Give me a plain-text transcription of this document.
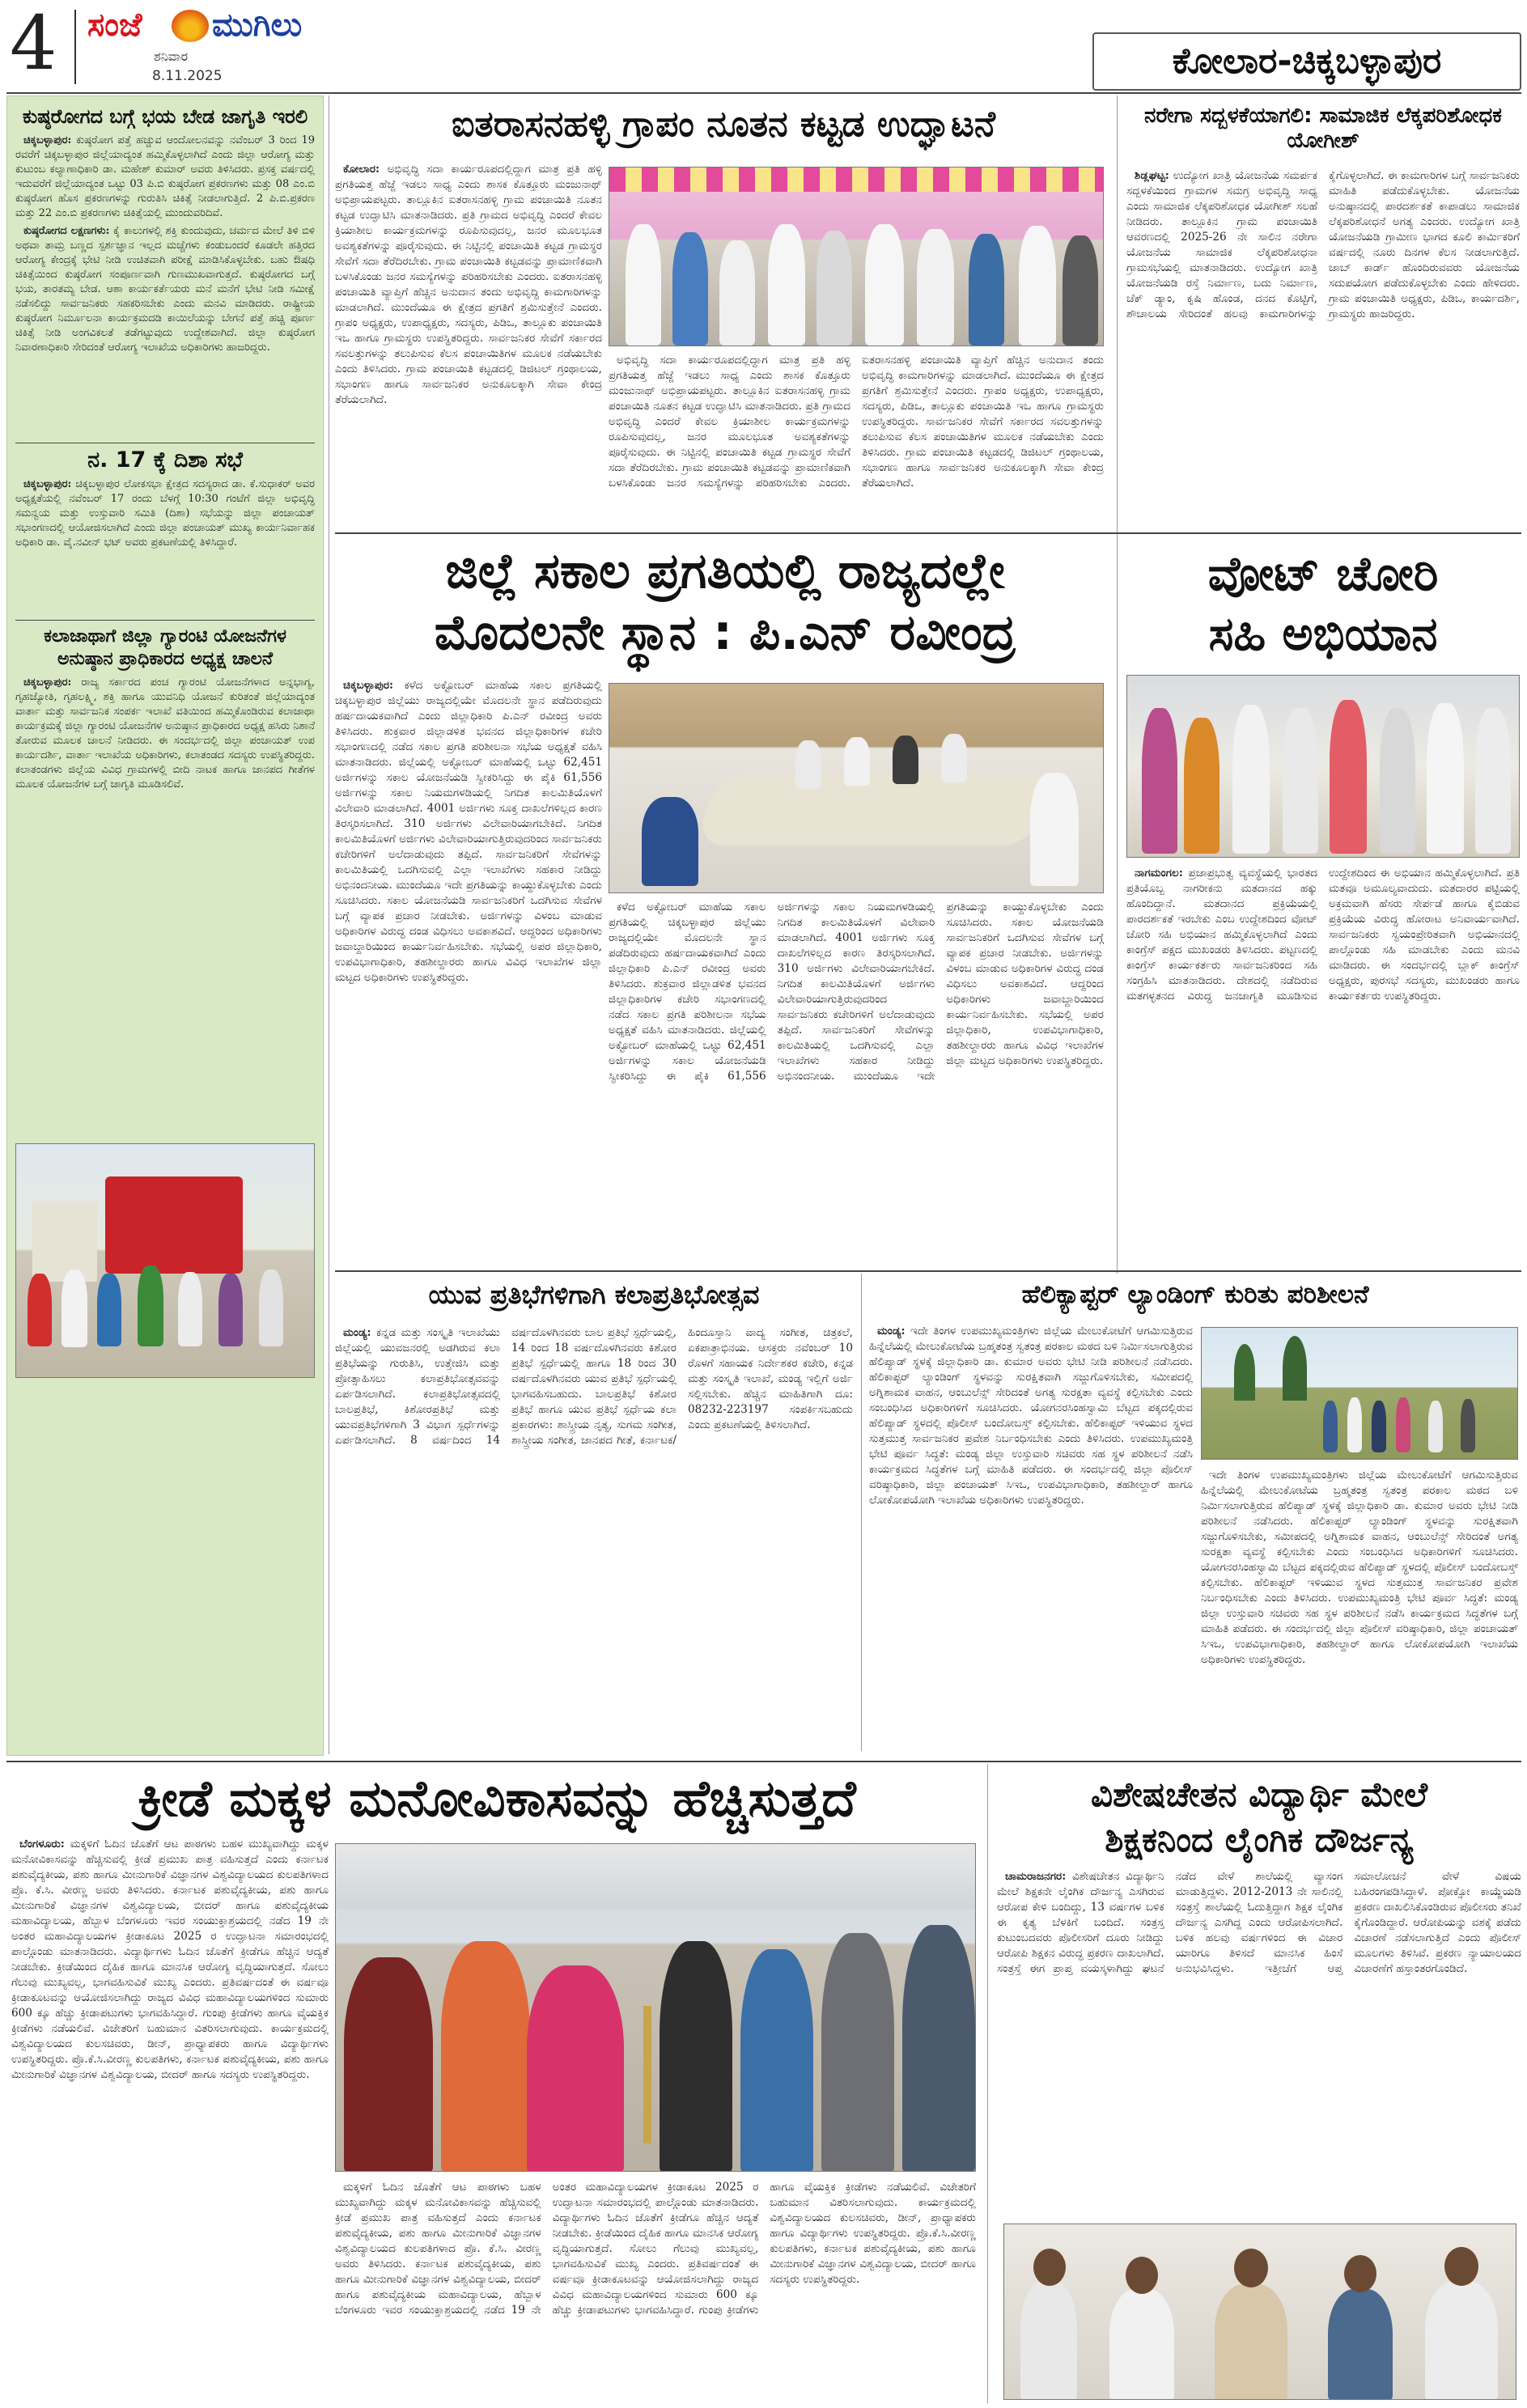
4 ಸಂಜೆ ಮುಗಿಲು
ಶನಿವಾರ
8.11.2025	ಕೋಲಾರ-ಚಿಕ್ಕಬಳ್ಳಾಪುರ
ಕುಷ್ಠರೋಗದ ಬಗ್ಗೆ ಭಯ ಬೇಡ ಜಾಗೃತಿ ಇರಲಿ

ಚಿಕ್ಕಬಳ್ಳಾಪುರ: ಕುಷ್ಠರೋಗ ಪತ್ತೆ ಹಚ್ಚುವ ಆಂದೋಲನವನ್ನು ನವೆಂಬರ್ 3 ರಿಂದ 19 ರವರೆಗೆ ಚಿಕ್ಕಬಳ್ಳಾಪುರ ಜಿಲ್ಲೆಯಾದ್ಯಂತ ಹಮ್ಮಿಕೊಳ್ಳಲಾಗಿದೆ ಎಂದು ಜಿಲ್ಲಾ ಆರೋಗ್ಯ ಮತ್ತು ಕುಟುಂಬ ಕಲ್ಯಾಣಾಧಿಕಾರಿ ಡಾ. ಮಹೇಶ್ ಕುಮಾರ್ ಅವರು ತಿಳಿಸಿದರು. ಪ್ರಸಕ್ತ ವರ್ಷದಲ್ಲಿ ಇದುವರೆಗೆ ಜಿಲ್ಲೆಯಾದ್ಯಂತ ಒಟ್ಟು 03 ಪಿ.ಬಿ ಕುಷ್ಠರೋಗ ಪ್ರಕರಣಗಳು ಮತ್ತು 08 ಎಂ.ಬಿ ಕುಷ್ಠರೋಗ ಹೊಸ ಪ್ರಕರಣಗಳನ್ನು ಗುರುತಿಸಿ ಚಿಕಿತ್ಸೆ ನೀಡಲಾಗುತ್ತಿದೆ. 2 ಪಿ.ಬಿ.ಪ್ರಕರಣ ಮತ್ತು 22 ಎಂ.ಬಿ ಪ್ರಕರಣಗಳು ಚಿಕಿತ್ಸೆಯಲ್ಲಿ ಮುಂದುವರಿದಿವೆ.

ಕುಷ್ಠರೋಗದ ಲಕ್ಷಣಗಳು: ಕೈ ಕಾಲುಗಳಲ್ಲಿ ಶಕ್ತಿ ಕುಂದುವುದು, ಚರ್ಮದ ಮೇಲೆ ತಿಳಿ ಬಿಳಿ ಅಥವಾ ತಾಮ್ರ ಬಣ್ಣದ ಸ್ಪರ್ಶಜ್ಞಾನ ಇಲ್ಲದ ಮಚ್ಚೆಗಳು ಕಂಡುಬಂದರೆ ಕೂಡಲೇ ಹತ್ತಿರದ ಆರೋಗ್ಯ ಕೇಂದ್ರಕ್ಕೆ ಭೇಟಿ ನೀಡಿ ಉಚಿತವಾಗಿ ಪರೀಕ್ಷೆ ಮಾಡಿಸಿಕೊಳ್ಳಬೇಕು. ಬಹು ಔಷಧಿ ಚಿಕಿತ್ಸೆಯಿಂದ ಕುಷ್ಠರೋಗ ಸಂಪೂರ್ಣವಾಗಿ ಗುಣಮುಖವಾಗುತ್ತದೆ. ಕುಷ್ಠರೋಗದ ಬಗ್ಗೆ ಭಯ, ತಾರತಮ್ಯ ಬೇಡ. ಆಶಾ ಕಾರ್ಯಕರ್ತೆಯರು ಮನೆ ಮನೆಗೆ ಭೇಟಿ ನೀಡಿ ಸಮೀಕ್ಷೆ ನಡೆಸಲಿದ್ದು ಸಾರ್ವಜನಿಕರು ಸಹಕರಿಸಬೇಕು ಎಂದು ಮನವಿ ಮಾಡಿದರು. ರಾಷ್ಟ್ರೀಯ ಕುಷ್ಠರೋಗ ನಿರ್ಮೂಲನಾ ಕಾರ್ಯಕ್ರಮದಡಿ ಕಾಯಿಲೆಯನ್ನು ಬೇಗನೆ ಪತ್ತೆ ಹಚ್ಚಿ ಪೂರ್ಣ ಚಿಕಿತ್ಸೆ ನೀಡಿ ಅಂಗವಿಕಲತೆ ತಡೆಗಟ್ಟುವುದು ಉದ್ದೇಶವಾಗಿದೆ. ಜಿಲ್ಲಾ ಕುಷ್ಠರೋಗ ನಿವಾರಣಾಧಿಕಾರಿ ಸೇರಿದಂತೆ ಆರೋಗ್ಯ ಇಲಾಖೆಯ ಅಧಿಕಾರಿಗಳು ಹಾಜರಿದ್ದರು.

ನ. 17 ಕ್ಕೆ ದಿಶಾ ಸಭೆ

ಚಿಕ್ಕಬಳ್ಳಾಪುರ: ಚಿಕ್ಕಬಳ್ಳಾಪುರ ಲೋಕಸಭಾ ಕ್ಷೇತ್ರದ ಸದಸ್ಯರಾದ ಡಾ. ಕೆ.ಸುಧಾಕರ್ ಅವರ ಅಧ್ಯಕ್ಷತೆಯಲ್ಲಿ ನವೆಂಬರ್ 17 ರಂದು ಬೆಳಗ್ಗೆ 10:30 ಗಂಟೆಗೆ ಜಿಲ್ಲಾ ಅಭಿವೃದ್ಧಿ ಸಮನ್ವಯ ಮತ್ತು ಉಸ್ತುವಾರಿ ಸಮಿತಿ (ದಿಶಾ) ಸಭೆಯನ್ನು ಜಿಲ್ಲಾ ಪಂಚಾಯತ್ ಸಭಾಂಗಣದಲ್ಲಿ ಆಯೋಜಿಸಲಾಗಿದೆ ಎಂದು ಜಿಲ್ಲಾ ಪಂಚಾಯತ್ ಮುಖ್ಯ ಕಾರ್ಯನಿರ್ವಾಹಕ ಅಧಿಕಾರಿ ಡಾ. ವೈ.ನವೀನ್ ಭಟ್ ಅವರು ಪ್ರಕಟಣೆಯಲ್ಲಿ ತಿಳಿಸಿದ್ದಾರೆ.

ಕಲಾಜಾಥಾಗೆ ಜಿಲ್ಲಾ ಗ್ಯಾರಂಟಿ ಯೋಜನೆಗಳ ಅನುಷ್ಠಾನ ಪ್ರಾಧಿಕಾರದ ಅಧ್ಯಕ್ಷ ಚಾಲನೆ

ಚಿಕ್ಕಬಳ್ಳಾಪುರ: ರಾಜ್ಯ ಸರ್ಕಾರದ ಪಂಚ ಗ್ಯಾರಂಟಿ ಯೋಜನೆಗಳಾದ ಅನ್ನಭಾಗ್ಯ, ಗೃಹಜ್ಯೋತಿ, ಗೃಹಲಕ್ಷ್ಮಿ, ಶಕ್ತಿ ಹಾಗೂ ಯುವನಿಧಿ ಯೋಜನೆ ಕುರಿತಂತೆ ಜಿಲ್ಲೆಯಾದ್ಯಂತ ವಾರ್ತಾ ಮತ್ತು ಸಾರ್ವಜನಿಕ ಸಂಪರ್ಕ ಇಲಾಖೆ ವತಿಯಿಂದ ಹಮ್ಮಿಕೊಂಡಿರುವ ಕಲಾಜಾಥಾ ಕಾರ್ಯಕ್ರಮಕ್ಕೆ ಜಿಲ್ಲಾ ಗ್ಯಾರಂಟಿ ಯೋಜನೆಗಳ ಅನುಷ್ಠಾನ ಪ್ರಾಧಿಕಾರದ ಅಧ್ಯಕ್ಷ ಹಸಿರು ನಿಶಾನೆ ತೋರುವ ಮೂಲಕ ಚಾಲನೆ ನೀಡಿದರು. ಈ ಸಂದರ್ಭದಲ್ಲಿ ಜಿಲ್ಲಾ ಪಂಚಾಯತ್ ಉಪ ಕಾರ್ಯದರ್ಶಿ, ವಾರ್ತಾ ಇಲಾಖೆಯ ಅಧಿಕಾರಿಗಳು, ಕಲಾತಂಡದ ಸದಸ್ಯರು ಉಪಸ್ಥಿತರಿದ್ದರು. ಕಲಾತಂಡಗಳು ಜಿಲ್ಲೆಯ ವಿವಿಧ ಗ್ರಾಮಗಳಲ್ಲಿ ಬೀದಿ ನಾಟಕ ಹಾಗೂ ಜಾನಪದ ಗೀತೆಗಳ ಮೂಲಕ ಯೋಜನೆಗಳ ಬಗ್ಗೆ ಜಾಗೃತಿ ಮೂಡಿಸಲಿವೆ.

ಐತರಾಸನಹಳ್ಳಿ ಗ್ರಾಪಂ ನೂತನ ಕಟ್ಟಡ ಉದ್ಘಾಟನೆ

ಕೋಲಾರ: ಅಭಿವೃದ್ಧಿ ಸದಾ ಕಾರ್ಯರೂಪದಲ್ಲಿದ್ದಾಗ ಮಾತ್ರ ಪ್ರತಿ ಹಳ್ಳಿ ಪ್ರಗತಿಯತ್ತ ಹೆಜ್ಜೆ ಇಡಲು ಸಾಧ್ಯ ಎಂದು ಶಾಸಕ ಕೊತ್ತೂರು ಮಂಜುನಾಥ್ ಅಭಿಪ್ರಾಯಪಟ್ಟರು. ತಾಲ್ಲೂಕಿನ ಐತರಾಸನಹಳ್ಳಿ ಗ್ರಾಮ ಪಂಚಾಯಿತಿ ನೂತನ ಕಟ್ಟಡ ಉದ್ಘಾಟಿಸಿ ಮಾತನಾಡಿದರು. ಪ್ರತಿ ಗ್ರಾಮದ ಅಭಿವೃದ್ಧಿ ಎಂದರೆ ಕೇವಲ ಕ್ರಿಯಾಶೀಲ ಕಾರ್ಯಕ್ರಮಗಳನ್ನು ರೂಪಿಸುವುದಲ್ಲ, ಜನರ ಮೂಲಭೂತ ಅವಶ್ಯಕತೆಗಳನ್ನು ಪೂರೈಸುವುದು. ಈ ನಿಟ್ಟಿನಲ್ಲಿ ಪಂಚಾಯಿತಿ ಕಟ್ಟಡ ಗ್ರಾಮಸ್ಥರ ಸೇವೆಗೆ ಸದಾ ತೆರೆದಿರಬೇಕು. ಗ್ರಾಮ ಪಂಚಾಯಿತಿ ಕಟ್ಟಡವನ್ನು ಪ್ರಾಮಾಣಿಕವಾಗಿ ಬಳಸಿಕೊಂಡು ಜನರ ಸಮಸ್ಯೆಗಳನ್ನು ಪರಿಹರಿಸಬೇಕು ಎಂದರು. ಐತರಾಸನಹಳ್ಳಿ ಪಂಚಾಯಿತಿ ವ್ಯಾಪ್ತಿಗೆ ಹೆಚ್ಚಿನ ಅನುದಾನ ತಂದು ಅಭಿವೃದ್ಧಿ ಕಾಮಗಾರಿಗಳನ್ನು ಮಾಡಲಾಗಿದೆ. ಮುಂದೆಯೂ ಈ ಕ್ಷೇತ್ರದ ಪ್ರಗತಿಗೆ ಶ್ರಮಿಸುತ್ತೇನೆ ಎಂದರು. ಗ್ರಾಪಂ ಅಧ್ಯಕ್ಷರು, ಉಪಾಧ್ಯಕ್ಷರು, ಸದಸ್ಯರು, ಪಿಡಿಒ, ತಾಲ್ಲೂಕು ಪಂಚಾಯಿತಿ ಇಒ ಹಾಗೂ ಗ್ರಾಮಸ್ಥರು ಉಪಸ್ಥಿತರಿದ್ದರು. ಸಾರ್ವಜನಿಕರ ಸೇವೆಗೆ ಸರ್ಕಾರದ ಸವಲತ್ತುಗಳನ್ನು ತಲುಪಿಸುವ ಕೆಲಸ ಪಂಚಾಯಿತಿಗಳ ಮೂಲಕ ನಡೆಯಬೇಕು ಎಂದು ತಿಳಿಸಿದರು. ಗ್ರಾಮ ಪಂಚಾಯಿತಿ ಕಟ್ಟಡದಲ್ಲಿ ಡಿಜಿಟಲ್ ಗ್ರಂಥಾಲಯ, ಸಭಾಂಗಣ ಹಾಗೂ ಸಾರ್ವಜನಿಕರ ಅನುಕೂಲಕ್ಕಾಗಿ ಸೇವಾ ಕೇಂದ್ರ ತೆರೆಯಲಾಗಿದೆ.

ಅಭಿವೃದ್ಧಿ ಸದಾ ಕಾರ್ಯರೂಪದಲ್ಲಿದ್ದಾಗ ಮಾತ್ರ ಪ್ರತಿ ಹಳ್ಳಿ ಪ್ರಗತಿಯತ್ತ ಹೆಜ್ಜೆ ಇಡಲು ಸಾಧ್ಯ ಎಂದು ಶಾಸಕ ಕೊತ್ತೂರು ಮಂಜುನಾಥ್ ಅಭಿಪ್ರಾಯಪಟ್ಟರು. ತಾಲ್ಲೂಕಿನ ಐತರಾಸನಹಳ್ಳಿ ಗ್ರಾಮ ಪಂಚಾಯಿತಿ ನೂತನ ಕಟ್ಟಡ ಉದ್ಘಾಟಿಸಿ ಮಾತನಾಡಿದರು. ಪ್ರತಿ ಗ್ರಾಮದ ಅಭಿವೃದ್ಧಿ ಎಂದರೆ ಕೇವಲ ಕ್ರಿಯಾಶೀಲ ಕಾರ್ಯಕ್ರಮಗಳನ್ನು ರೂಪಿಸುವುದಲ್ಲ, ಜನರ ಮೂಲಭೂತ ಅವಶ್ಯಕತೆಗಳನ್ನು ಪೂರೈಸುವುದು. ಈ ನಿಟ್ಟಿನಲ್ಲಿ ಪಂಚಾಯಿತಿ ಕಟ್ಟಡ ಗ್ರಾಮಸ್ಥರ ಸೇವೆಗೆ ಸದಾ ತೆರೆದಿರಬೇಕು. ಗ್ರಾಮ ಪಂಚಾಯಿತಿ ಕಟ್ಟಡವನ್ನು ಪ್ರಾಮಾಣಿಕವಾಗಿ ಬಳಸಿಕೊಂಡು ಜನರ ಸಮಸ್ಯೆಗಳನ್ನು ಪರಿಹರಿಸಬೇಕು ಎಂದರು. ಐತರಾಸನಹಳ್ಳಿ ಪಂಚಾಯಿತಿ ವ್ಯಾಪ್ತಿಗೆ ಹೆಚ್ಚಿನ ಅನುದಾನ ತಂದು ಅಭಿವೃದ್ಧಿ ಕಾಮಗಾರಿಗಳನ್ನು ಮಾಡಲಾಗಿದೆ. ಮುಂದೆಯೂ ಈ ಕ್ಷೇತ್ರದ ಪ್ರಗತಿಗೆ ಶ್ರಮಿಸುತ್ತೇನೆ ಎಂದರು. ಗ್ರಾಪಂ ಅಧ್ಯಕ್ಷರು, ಉಪಾಧ್ಯಕ್ಷರು, ಸದಸ್ಯರು, ಪಿಡಿಒ, ತಾಲ್ಲೂಕು ಪಂಚಾಯಿತಿ ಇಒ ಹಾಗೂ ಗ್ರಾಮಸ್ಥರು ಉಪಸ್ಥಿತರಿದ್ದರು. ಸಾರ್ವಜನಿಕರ ಸೇವೆಗೆ ಸರ್ಕಾರದ ಸವಲತ್ತುಗಳನ್ನು ತಲುಪಿಸುವ ಕೆಲಸ ಪಂಚಾಯಿತಿಗಳ ಮೂಲಕ ನಡೆಯಬೇಕು ಎಂದು ತಿಳಿಸಿದರು. ಗ್ರಾಮ ಪಂಚಾಯಿತಿ ಕಟ್ಟಡದಲ್ಲಿ ಡಿಜಿಟಲ್ ಗ್ರಂಥಾಲಯ, ಸಭಾಂಗಣ ಹಾಗೂ ಸಾರ್ವಜನಿಕರ ಅನುಕೂಲಕ್ಕಾಗಿ ಸೇವಾ ಕೇಂದ್ರ ತೆರೆಯಲಾಗಿದೆ.

ನರೇಗಾ ಸದ್ಬಳಕೆಯಾಗಲಿ: ಸಾಮಾಜಿಕ ಲೆಕ್ಕಪರಿಶೋಧಕ ಯೋಗೀಶ್

ಶಿಡ್ಲಘಟ್ಟ: ಉದ್ಯೋಗ ಖಾತ್ರಿ ಯೋಜನೆಯ ಸಮರ್ಪಕ ಸದ್ಬಳಕೆಯಿಂದ ಗ್ರಾಮಗಳ ಸಮಗ್ರ ಅಭಿವೃದ್ಧಿ ಸಾಧ್ಯ ಎಂದು ಸಾಮಾಜಿಕ ಲೆಕ್ಕಪರಿಶೋಧಕ ಯೋಗೀಶ್ ಸಲಹೆ ನೀಡಿದರು. ತಾಲ್ಲೂಕಿನ ಗ್ರಾಮ ಪಂಚಾಯಿತಿ ಆವರಣದಲ್ಲಿ 2025-26 ನೇ ಸಾಲಿನ ನರೇಗಾ ಯೋಜನೆಯ ಸಾಮಾಜಿಕ ಲೆಕ್ಕಪರಿಶೋಧನಾ ಗ್ರಾಮಸಭೆಯಲ್ಲಿ ಮಾತನಾಡಿದರು. ಉದ್ಯೋಗ ಖಾತ್ರಿ ಯೋಜನೆಯಡಿ ರಸ್ತೆ ನಿರ್ಮಾಣ, ಬದು ನಿರ್ಮಾಣ, ಚೆಕ್ ಡ್ಯಾಂ, ಕೃಷಿ ಹೊಂಡ, ದನದ ಕೊಟ್ಟಿಗೆ, ಶೌಚಾಲಯ ಸೇರಿದಂತೆ ಹಲವು ಕಾಮಗಾರಿಗಳನ್ನು ಕೈಗೊಳ್ಳಲಾಗಿದೆ. ಈ ಕಾಮಗಾರಿಗಳ ಬಗ್ಗೆ ಸಾರ್ವಜನಿಕರು ಮಾಹಿತಿ ಪಡೆದುಕೊಳ್ಳಬೇಕು. ಯೋಜನೆಯ ಅನುಷ್ಠಾನದಲ್ಲಿ ಪಾರದರ್ಶಕತೆ ಕಾಪಾಡಲು ಸಾಮಾಜಿಕ ಲೆಕ್ಕಪರಿಶೋಧನೆ ಅಗತ್ಯ ಎಂದರು. ಉದ್ಯೋಗ ಖಾತ್ರಿ ಯೋಜನೆಯಡಿ ಗ್ರಾಮೀಣ ಭಾಗದ ಕೂಲಿ ಕಾರ್ಮಿಕರಿಗೆ ವರ್ಷದಲ್ಲಿ ನೂರು ದಿನಗಳ ಕೆಲಸ ನೀಡಲಾಗುತ್ತಿದೆ. ಜಾಬ್ ಕಾರ್ಡ್ ಹೊಂದಿರುವವರು ಯೋಜನೆಯ ಸದುಪಯೋಗ ಪಡೆದುಕೊಳ್ಳಬೇಕು ಎಂದು ಹೇಳಿದರು. ಗ್ರಾಮ ಪಂಚಾಯಿತಿ ಅಧ್ಯಕ್ಷರು, ಪಿಡಿಒ, ಕಾರ್ಯದರ್ಶಿ, ಗ್ರಾಮಸ್ಥರು ಹಾಜರಿದ್ದರು.

ಜಿಲ್ಲೆ ಸಕಾಲ ಪ್ರಗತಿಯಲ್ಲಿ ರಾಜ್ಯದಲ್ಲೇ
ಮೊದಲನೇ ಸ್ಥಾನ : ಪಿ.ಎನ್ ರವೀಂದ್ರ

ಚಿಕ್ಕಬಳ್ಳಾಪುರ: ಕಳೆದ ಅಕ್ಟೋಬರ್ ಮಾಹೆಯ ಸಕಾಲ ಪ್ರಗತಿಯಲ್ಲಿ ಚಿಕ್ಕಬಳ್ಳಾಪುರ ಜಿಲ್ಲೆಯು ರಾಜ್ಯದಲ್ಲಿಯೇ ಮೊದಲನೇ ಸ್ಥಾನ ಪಡೆದಿರುವುದು ಹರ್ಷದಾಯಕವಾಗಿದೆ ಎಂದು ಜಿಲ್ಲಾಧಿಕಾರಿ ಪಿ.ಎನ್ ರವೀಂದ್ರ ಅವರು ತಿಳಿಸಿದರು. ಶುಕ್ರವಾರ ಜಿಲ್ಲಾಡಳಿತ ಭವನದ ಜಿಲ್ಲಾಧಿಕಾರಿಗಳ ಕಚೇರಿ ಸಭಾಂಗಣದಲ್ಲಿ ನಡೆದ ಸಕಾಲ ಪ್ರಗತಿ ಪರಿಶೀಲನಾ ಸಭೆಯ ಅಧ್ಯಕ್ಷತೆ ವಹಿಸಿ ಮಾತನಾಡಿದರು. ಜಿಲ್ಲೆಯಲ್ಲಿ ಅಕ್ಟೋಬರ್ ಮಾಹೆಯಲ್ಲಿ ಒಟ್ಟು 62,451 ಅರ್ಜಿಗಳನ್ನು ಸಕಾಲ ಯೋಜನೆಯಡಿ ಸ್ವೀಕರಿಸಿದ್ದು ಈ ಪೈಕಿ 61,556 ಅರ್ಜಿಗಳನ್ನು ಸಕಾಲ ನಿಯಮಗಳಡಿಯಲ್ಲಿ ನಿಗದಿತ ಕಾಲಮಿತಿಯೊಳಗೆ ವಿಲೇವಾರಿ ಮಾಡಲಾಗಿದೆ. 4001 ಅರ್ಜಿಗಳು ಸೂಕ್ತ ದಾಖಲೆಗಳಿಲ್ಲದ ಕಾರಣ ತಿರಸ್ಕರಿಸಲಾಗಿದೆ. 310 ಅರ್ಜಿಗಳು ವಿಲೇವಾರಿಯಾಗಬೇಕಿದೆ. ನಿಗದಿತ ಕಾಲಮಿತಿಯೊಳಗೆ ಅರ್ಜಿಗಳು ವಿಲೇವಾರಿಯಾಗುತ್ತಿರುವುದರಿಂದ ಸಾರ್ವಜನಿಕರು ಕಚೇರಿಗಳಿಗೆ ಅಲೆದಾಡುವುದು ತಪ್ಪಿದೆ. ಸಾರ್ವಜನಿಕರಿಗೆ ಸೇವೆಗಳನ್ನು ಕಾಲಮಿತಿಯಲ್ಲಿ ಒದಗಿಸುವಲ್ಲಿ ಎಲ್ಲಾ ಇಲಾಖೆಗಳು ಸಹಕಾರ ನೀಡಿದ್ದು ಅಭಿನಂದನೀಯ. ಮುಂದೆಯೂ ಇದೇ ಪ್ರಗತಿಯನ್ನು ಕಾಯ್ದುಕೊಳ್ಳಬೇಕು ಎಂದು ಸೂಚಿಸಿದರು. ಸಕಾಲ ಯೋಜನೆಯಡಿ ಸಾರ್ವಜನಿಕರಿಗೆ ಒದಗಿಸುವ ಸೇವೆಗಳ ಬಗ್ಗೆ ವ್ಯಾಪಕ ಪ್ರಚಾರ ನೀಡಬೇಕು. ಅರ್ಜಿಗಳನ್ನು ವಿಳಂಬ ಮಾಡುವ ಅಧಿಕಾರಿಗಳ ವಿರುದ್ಧ ದಂಡ ವಿಧಿಸಲು ಅವಕಾಶವಿದೆ. ಆದ್ದರಿಂದ ಅಧಿಕಾರಿಗಳು ಜವಾಬ್ದಾರಿಯಿಂದ ಕಾರ್ಯನಿರ್ವಹಿಸಬೇಕು. ಸಭೆಯಲ್ಲಿ ಅಪರ ಜಿಲ್ಲಾಧಿಕಾರಿ, ಉಪವಿಭಾಗಾಧಿಕಾರಿ, ತಹಶೀಲ್ದಾರರು ಹಾಗೂ ವಿವಿಧ ಇಲಾಖೆಗಳ ಜಿಲ್ಲಾ ಮಟ್ಟದ ಅಧಿಕಾರಿಗಳು ಉಪಸ್ಥಿತರಿದ್ದರು.

ಕಳೆದ ಅಕ್ಟೋಬರ್ ಮಾಹೆಯ ಸಕಾಲ ಪ್ರಗತಿಯಲ್ಲಿ ಚಿಕ್ಕಬಳ್ಳಾಪುರ ಜಿಲ್ಲೆಯು ರಾಜ್ಯದಲ್ಲಿಯೇ ಮೊದಲನೇ ಸ್ಥಾನ ಪಡೆದಿರುವುದು ಹರ್ಷದಾಯಕವಾಗಿದೆ ಎಂದು ಜಿಲ್ಲಾಧಿಕಾರಿ ಪಿ.ಎನ್ ರವೀಂದ್ರ ಅವರು ತಿಳಿಸಿದರು. ಶುಕ್ರವಾರ ಜಿಲ್ಲಾಡಳಿತ ಭವನದ ಜಿಲ್ಲಾಧಿಕಾರಿಗಳ ಕಚೇರಿ ಸಭಾಂಗಣದಲ್ಲಿ ನಡೆದ ಸಕಾಲ ಪ್ರಗತಿ ಪರಿಶೀಲನಾ ಸಭೆಯ ಅಧ್ಯಕ್ಷತೆ ವಹಿಸಿ ಮಾತನಾಡಿದರು. ಜಿಲ್ಲೆಯಲ್ಲಿ ಅಕ್ಟೋಬರ್ ಮಾಹೆಯಲ್ಲಿ ಒಟ್ಟು 62,451 ಅರ್ಜಿಗಳನ್ನು ಸಕಾಲ ಯೋಜನೆಯಡಿ ಸ್ವೀಕರಿಸಿದ್ದು ಈ ಪೈಕಿ 61,556 ಅರ್ಜಿಗಳನ್ನು ಸಕಾಲ ನಿಯಮಗಳಡಿಯಲ್ಲಿ ನಿಗದಿತ ಕಾಲಮಿತಿಯೊಳಗೆ ವಿಲೇವಾರಿ ಮಾಡಲಾಗಿದೆ. 4001 ಅರ್ಜಿಗಳು ಸೂಕ್ತ ದಾಖಲೆಗಳಿಲ್ಲದ ಕಾರಣ ತಿರಸ್ಕರಿಸಲಾಗಿದೆ. 310 ಅರ್ಜಿಗಳು ವಿಲೇವಾರಿಯಾಗಬೇಕಿದೆ. ನಿಗದಿತ ಕಾಲಮಿತಿಯೊಳಗೆ ಅರ್ಜಿಗಳು ವಿಲೇವಾರಿಯಾಗುತ್ತಿರುವುದರಿಂದ ಸಾರ್ವಜನಿಕರು ಕಚೇರಿಗಳಿಗೆ ಅಲೆದಾಡುವುದು ತಪ್ಪಿದೆ. ಸಾರ್ವಜನಿಕರಿಗೆ ಸೇವೆಗಳನ್ನು ಕಾಲಮಿತಿಯಲ್ಲಿ ಒದಗಿಸುವಲ್ಲಿ ಎಲ್ಲಾ ಇಲಾಖೆಗಳು ಸಹಕಾರ ನೀಡಿದ್ದು ಅಭಿನಂದನೀಯ. ಮುಂದೆಯೂ ಇದೇ ಪ್ರಗತಿಯನ್ನು ಕಾಯ್ದುಕೊಳ್ಳಬೇಕು ಎಂದು ಸೂಚಿಸಿದರು. ಸಕಾಲ ಯೋಜನೆಯಡಿ ಸಾರ್ವಜನಿಕರಿಗೆ ಒದಗಿಸುವ ಸೇವೆಗಳ ಬಗ್ಗೆ ವ್ಯಾಪಕ ಪ್ರಚಾರ ನೀಡಬೇಕು. ಅರ್ಜಿಗಳನ್ನು ವಿಳಂಬ ಮಾಡುವ ಅಧಿಕಾರಿಗಳ ವಿರುದ್ಧ ದಂಡ ವಿಧಿಸಲು ಅವಕಾಶವಿದೆ. ಆದ್ದರಿಂದ ಅಧಿಕಾರಿಗಳು ಜವಾಬ್ದಾರಿಯಿಂದ ಕಾರ್ಯನಿರ್ವಹಿಸಬೇಕು. ಸಭೆಯಲ್ಲಿ ಅಪರ ಜಿಲ್ಲಾಧಿಕಾರಿ, ಉಪವಿಭಾಗಾಧಿಕಾರಿ, ತಹಶೀಲ್ದಾರರು ಹಾಗೂ ವಿವಿಧ ಇಲಾಖೆಗಳ ಜಿಲ್ಲಾ ಮಟ್ಟದ ಅಧಿಕಾರಿಗಳು ಉಪಸ್ಥಿತರಿದ್ದರು.

ವೋಟ್ ಚೋರಿ
ಸಹಿ ಅಭಿಯಾನ

ನಾಗಮಂಗಲ: ಪ್ರಜಾಪ್ರಭುತ್ವ ವ್ಯವಸ್ಥೆಯಲ್ಲಿ ಭಾರತದ ಪ್ರತಿಯೊಬ್ಬ ನಾಗರೀಕನು ಮತದಾನದ ಹಕ್ಕು ಹೊಂದಿದ್ದಾನೆ. ಮತದಾನದ ಪ್ರಕ್ರಿಯೆಯಲ್ಲಿ ಪಾರದರ್ಶಕತೆ ಇರಬೇಕು ಎಂಬ ಉದ್ದೇಶದಿಂದ ವೋಟ್ ಚೋರಿ ಸಹಿ ಅಭಿಯಾನ ಹಮ್ಮಿಕೊಳ್ಳಲಾಗಿದೆ ಎಂದು ಕಾಂಗ್ರೆಸ್ ಪಕ್ಷದ ಮುಖಂಡರು ತಿಳಿಸಿದರು. ಪಟ್ಟಣದಲ್ಲಿ ಕಾಂಗ್ರೆಸ್ ಕಾರ್ಯಕರ್ತರು ಸಾರ್ವಜನಿಕರಿಂದ ಸಹಿ ಸಂಗ್ರಹಿಸಿ ಮಾತನಾಡಿದರು. ದೇಶದಲ್ಲಿ ನಡೆದಿರುವ ಮತಗಳ್ಳತನದ ವಿರುದ್ಧ ಜನಜಾಗೃತಿ ಮೂಡಿಸುವ ಉದ್ದೇಶದಿಂದ ಈ ಅಭಿಯಾನ ಹಮ್ಮಿಕೊಳ್ಳಲಾಗಿದೆ. ಪ್ರತಿ ಮತವೂ ಅಮೂಲ್ಯವಾದುದು. ಮತದಾರರ ಪಟ್ಟಿಯಲ್ಲಿ ಅಕ್ರಮವಾಗಿ ಹೆಸರು ಸೇರ್ಪಡೆ ಹಾಗೂ ಕೈಬಿಡುವ ಪ್ರಕ್ರಿಯೆಯ ವಿರುದ್ಧ ಹೋರಾಟ ಅನಿವಾರ್ಯವಾಗಿದೆ. ಸಾರ್ವಜನಿಕರು ಸ್ವಯಂಪ್ರೇರಿತವಾಗಿ ಅಭಿಯಾನದಲ್ಲಿ ಪಾಲ್ಗೊಂಡು ಸಹಿ ಮಾಡಬೇಕು ಎಂದು ಮನವಿ ಮಾಡಿದರು. ಈ ಸಂದರ್ಭದಲ್ಲಿ ಬ್ಲಾಕ್ ಕಾಂಗ್ರೆಸ್ ಅಧ್ಯಕ್ಷರು, ಪುರಸಭೆ ಸದಸ್ಯರು, ಮುಖಂಡರು ಹಾಗೂ ಕಾರ್ಯಕರ್ತರು ಉಪಸ್ಥಿತರಿದ್ದರು.

ಯುವ ಪ್ರತಿಭೆಗಳಿಗಾಗಿ ಕಲಾಪ್ರತಿಭೋತ್ಸವ

ಮಂಡ್ಯ: ಕನ್ನಡ ಮತ್ತು ಸಂಸ್ಕೃತಿ ಇಲಾಖೆಯು ಜಿಲ್ಲೆಯಲ್ಲಿ ಯುವಜನರಲ್ಲಿ ಅಡಗಿರುವ ಕಲಾ ಪ್ರತಿಭೆಯನ್ನು ಗುರುತಿಸಿ, ಉತ್ತೇಜಿಸಿ ಮತ್ತು ಪ್ರೋತ್ಸಾಹಿಸಲು ಕಲಾಪ್ರತಿಭೋತ್ಸವವನ್ನು ಏರ್ಪಡಿಸಲಾಗಿದೆ. ಕಲಾಪ್ರತಿಭೋತ್ಸವದಲ್ಲಿ ಬಾಲಪ್ರತಿಭೆ, ಕಿಶೋರಪ್ರತಿಭೆ ಮತ್ತು ಯುವಪ್ರತಿಭೆಗಳಿಗಾಗಿ 3 ವಿಭಾಗ ಸ್ಪರ್ಧೆಗಳನ್ನು ಏರ್ಪಡಿಸಲಾಗಿದೆ. 8 ವರ್ಷದಿಂದ 14 ವರ್ಷದೊಳಗಿನವರು ಬಾಲ ಪ್ರತಿಭೆ ಸ್ಪರ್ಧೆಯಲ್ಲಿ, 14 ರಿಂದ 18 ವರ್ಷದೊಳಗಿನವರು ಕಿಶೋರ ಪ್ರತಿಭೆ ಸ್ಪರ್ಧೆಯಲ್ಲಿ ಹಾಗೂ 18 ರಿಂದ 30 ವರ್ಷದೊಳಗಿನವರು ಯುವ ಪ್ರತಿಭೆ ಸ್ಪರ್ಧೆಯಲ್ಲಿ ಭಾಗವಹಿಸಬಹುದು. ಬಾಲಪ್ರತಿಭೆ ಕಿಶೋರ ಪ್ರತಿಭೆ ಹಾಗೂ ಯುವ ಪ್ರತಿಭೆ ಸ್ಪರ್ಧೆಯ ಕಲಾ ಪ್ರಕಾರಗಳು: ಶಾಸ್ತ್ರೀಯ ನೃತ್ಯ, ಸುಗಮ ಸಂಗೀತ, ಶಾಸ್ತ್ರೀಯ ಸಂಗೀತ, ಜಾನಪದ ಗೀತೆ, ಕರ್ನಾಟಕ/ಹಿಂದೂಸ್ತಾನಿ ವಾದ್ಯ ಸಂಗೀತ, ಚಿತ್ರಕಲೆ, ಏಕಪಾತ್ರಾಭಿನಯ. ಆಸಕ್ತರು ನವೆಂಬರ್ 10 ರೊಳಗೆ ಸಹಾಯಕ ನಿರ್ದೇಶಕರ ಕಚೇರಿ, ಕನ್ನಡ ಮತ್ತು ಸಂಸ್ಕೃತಿ ಇಲಾಖೆ, ಮಂಡ್ಯ ಇಲ್ಲಿಗೆ ಅರ್ಜಿ ಸಲ್ಲಿಸಬೇಕು. ಹೆಚ್ಚಿನ ಮಾಹಿತಿಗಾಗಿ ದೂ: 08232-223197 ಸಂಪರ್ಕಿಸಬಹುದು ಎಂದು ಪ್ರಕಟಣೆಯಲ್ಲಿ ತಿಳಿಸಲಾಗಿದೆ.

ಹೆಲಿಕ್ಯಾಪ್ಟರ್ ಲ್ಯಾಂಡಿಂಗ್ ಕುರಿತು ಪರಿಶೀಲನೆ

ಮಂಡ್ಯ: ಇದೇ ತಿಂಗಳ ಉಪಮುಖ್ಯಮಂತ್ರಿಗಳು ಜಿಲ್ಲೆಯ ಮೇಲುಕೋಟೆಗೆ ಆಗಮಿಸುತ್ತಿರುವ ಹಿನ್ನೆಲೆಯಲ್ಲಿ ಮೇಲುಕೋಟೆಯ ಬ್ರಹ್ಮತಂತ್ರ ಸ್ವತಂತ್ರ ಪರಕಾಲ ಮಠದ ಬಳಿ ನಿರ್ಮಿಸಲಾಗುತ್ತಿರುವ ಹೆಲಿಪ್ಯಾಡ್ ಸ್ಥಳಕ್ಕೆ ಜಿಲ್ಲಾಧಿಕಾರಿ ಡಾ. ಕುಮಾರ ಅವರು ಭೇಟಿ ನೀಡಿ ಪರಿಶೀಲನೆ ನಡೆಸಿದರು. ಹೆಲಿಕಾಪ್ಟರ್ ಲ್ಯಾಂಡಿಂಗ್ ಸ್ಥಳವನ್ನು ಸುರಕ್ಷಿತವಾಗಿ ಸಜ್ಜುಗೊಳಿಸಬೇಕು, ಸಮೀಪದಲ್ಲಿ ಅಗ್ನಿಶಾಮಕ ವಾಹನ, ಆಂಬುಲೆನ್ಸ್ ಸೇರಿದಂತೆ ಅಗತ್ಯ ಸುರಕ್ಷತಾ ವ್ಯವಸ್ಥೆ ಕಲ್ಪಿಸಬೇಕು ಎಂದು ಸಂಬಂಧಿಸಿದ ಅಧಿಕಾರಿಗಳಿಗೆ ಸೂಚಿಸಿದರು. ಯೋಗನರಸಿಂಹಸ್ವಾಮಿ ಬೆಟ್ಟದ ಪಕ್ಕದಲ್ಲಿರುವ ಹೆಲಿಪ್ಯಾಡ್ ಸ್ಥಳದಲ್ಲಿ ಪೊಲೀಸ್ ಬಂದೋಬಸ್ತ್ ಕಲ್ಪಿಸಬೇಕು. ಹೆಲಿಕಾಪ್ಟರ್ ಇಳಿಯುವ ಸ್ಥಳದ ಸುತ್ತಮುತ್ತ ಸಾರ್ವಜನಿಕರ ಪ್ರವೇಶ ನಿರ್ಬಂಧಿಸಬೇಕು ಎಂದು ತಿಳಿಸಿದರು. ಉಪಮುಖ್ಯಮಂತ್ರಿ ಭೇಟಿ ಪೂರ್ವ ಸಿದ್ಧತೆ: ಮಂಡ್ಯ ಜಿಲ್ಲಾ ಉಸ್ತುವಾರಿ ಸಚಿವರು ಸಹ ಸ್ಥಳ ಪರಿಶೀಲನೆ ನಡೆಸಿ ಕಾರ್ಯಕ್ರಮದ ಸಿದ್ಧತೆಗಳ ಬಗ್ಗೆ ಮಾಹಿತಿ ಪಡೆದರು. ಈ ಸಂದರ್ಭದಲ್ಲಿ ಜಿಲ್ಲಾ ಪೊಲೀಸ್ ವರಿಷ್ಠಾಧಿಕಾರಿ, ಜಿಲ್ಲಾ ಪಂಚಾಯತ್ ಸಿಇಒ, ಉಪವಿಭಾಗಾಧಿಕಾರಿ, ತಹಶೀಲ್ದಾರ್ ಹಾಗೂ ಲೋಕೋಪಯೋಗಿ ಇಲಾಖೆಯ ಅಧಿಕಾರಿಗಳು ಉಪಸ್ಥಿತರಿದ್ದರು.

ಇದೇ ತಿಂಗಳ ಉಪಮುಖ್ಯಮಂತ್ರಿಗಳು ಜಿಲ್ಲೆಯ ಮೇಲುಕೋಟೆಗೆ ಆಗಮಿಸುತ್ತಿರುವ ಹಿನ್ನೆಲೆಯಲ್ಲಿ ಮೇಲುಕೋಟೆಯ ಬ್ರಹ್ಮತಂತ್ರ ಸ್ವತಂತ್ರ ಪರಕಾಲ ಮಠದ ಬಳಿ ನಿರ್ಮಿಸಲಾಗುತ್ತಿರುವ ಹೆಲಿಪ್ಯಾಡ್ ಸ್ಥಳಕ್ಕೆ ಜಿಲ್ಲಾಧಿಕಾರಿ ಡಾ. ಕುಮಾರ ಅವರು ಭೇಟಿ ನೀಡಿ ಪರಿಶೀಲನೆ ನಡೆಸಿದರು. ಹೆಲಿಕಾಪ್ಟರ್ ಲ್ಯಾಂಡಿಂಗ್ ಸ್ಥಳವನ್ನು ಸುರಕ್ಷಿತವಾಗಿ ಸಜ್ಜುಗೊಳಿಸಬೇಕು, ಸಮೀಪದಲ್ಲಿ ಅಗ್ನಿಶಾಮಕ ವಾಹನ, ಆಂಬುಲೆನ್ಸ್ ಸೇರಿದಂತೆ ಅಗತ್ಯ ಸುರಕ್ಷತಾ ವ್ಯವಸ್ಥೆ ಕಲ್ಪಿಸಬೇಕು ಎಂದು ಸಂಬಂಧಿಸಿದ ಅಧಿಕಾರಿಗಳಿಗೆ ಸೂಚಿಸಿದರು. ಯೋಗನರಸಿಂಹಸ್ವಾಮಿ ಬೆಟ್ಟದ ಪಕ್ಕದಲ್ಲಿರುವ ಹೆಲಿಪ್ಯಾಡ್ ಸ್ಥಳದಲ್ಲಿ ಪೊಲೀಸ್ ಬಂದೋಬಸ್ತ್ ಕಲ್ಪಿಸಬೇಕು. ಹೆಲಿಕಾಪ್ಟರ್ ಇಳಿಯುವ ಸ್ಥಳದ ಸುತ್ತಮುತ್ತ ಸಾರ್ವಜನಿಕರ ಪ್ರವೇಶ ನಿರ್ಬಂಧಿಸಬೇಕು ಎಂದು ತಿಳಿಸಿದರು. ಉಪಮುಖ್ಯಮಂತ್ರಿ ಭೇಟಿ ಪೂರ್ವ ಸಿದ್ಧತೆ: ಮಂಡ್ಯ ಜಿಲ್ಲಾ ಉಸ್ತುವಾರಿ ಸಚಿವರು ಸಹ ಸ್ಥಳ ಪರಿಶೀಲನೆ ನಡೆಸಿ ಕಾರ್ಯಕ್ರಮದ ಸಿದ್ಧತೆಗಳ ಬಗ್ಗೆ ಮಾಹಿತಿ ಪಡೆದರು. ಈ ಸಂದರ್ಭದಲ್ಲಿ ಜಿಲ್ಲಾ ಪೊಲೀಸ್ ವರಿಷ್ಠಾಧಿಕಾರಿ, ಜಿಲ್ಲಾ ಪಂಚಾಯತ್ ಸಿಇಒ, ಉಪವಿಭಾಗಾಧಿಕಾರಿ, ತಹಶೀಲ್ದಾರ್ ಹಾಗೂ ಲೋಕೋಪಯೋಗಿ ಇಲಾಖೆಯ ಅಧಿಕಾರಿಗಳು ಉಪಸ್ಥಿತರಿದ್ದರು.

ಕ್ರೀಡೆ ಮಕ್ಕಳ ಮನೋವಿಕಾಸವನ್ನು ಹೆಚ್ಚಿಸುತ್ತದೆ

ಬೆಂಗಳೂರು: ಮಕ್ಕಳಿಗೆ ಓದಿನ ಜೊತೆಗೆ ಆಟ ಪಾಠಗಳು ಬಹಳ ಮುಖ್ಯವಾಗಿದ್ದು ಮಕ್ಕಳ ಮನೋವಿಕಾಸವನ್ನು ಹೆಚ್ಚಿಸುವಲ್ಲಿ ಕ್ರೀಡೆ ಪ್ರಮುಖ ಪಾತ್ರ ವಹಿಸುತ್ತದೆ ಎಂದು ಕರ್ನಾಟಕ ಪಶುವೈದ್ಯಕೀಯ, ಪಶು ಹಾಗೂ ಮೀನುಗಾರಿಕೆ ವಿಜ್ಞಾನಗಳ ವಿಶ್ವವಿದ್ಯಾಲಯದ ಕುಲಪತಿಗಳಾದ ಪ್ರೊ. ಕೆ.ಸಿ. ವೀರಣ್ಣ ಅವರು ತಿಳಿಸಿದರು. ಕರ್ನಾಟಕ ಪಶುವೈದ್ಯಕೀಯ, ಪಶು ಹಾಗೂ ಮೀನುಗಾರಿಕೆ ವಿಜ್ಞಾನಗಳ ವಿಶ್ವವಿದ್ಯಾಲಯ, ಬೀದರ್ ಹಾಗೂ ಪಶುವೈದ್ಯಕೀಯ ಮಹಾವಿದ್ಯಾಲಯ, ಹೆಬ್ಬಾಳ ಬೆಂಗಳೂರು ಇವರ ಸಂಯುಕ್ತಾಶ್ರಯದಲ್ಲಿ ನಡೆದ 19 ನೇ ಅಂತರ ಮಹಾವಿದ್ಯಾಲಯಗಳ ಕ್ರೀಡಾಕೂಟ 2025 ರ ಉದ್ಘಾಟನಾ ಸಮಾರಂಭದಲ್ಲಿ ಪಾಲ್ಗೊಂಡು ಮಾತನಾಡಿದರು. ವಿದ್ಯಾರ್ಥಿಗಳು ಓದಿನ ಜೊತೆಗೆ ಕ್ರೀಡೆಗೂ ಹೆಚ್ಚಿನ ಆದ್ಯತೆ ನೀಡಬೇಕು. ಕ್ರೀಡೆಯಿಂದ ದೈಹಿಕ ಹಾಗೂ ಮಾನಸಿಕ ಆರೋಗ್ಯ ವೃದ್ಧಿಯಾಗುತ್ತದೆ. ಸೋಲು ಗೆಲುವು ಮುಖ್ಯವಲ್ಲ, ಭಾಗವಹಿಸುವಿಕೆ ಮುಖ್ಯ ಎಂದರು. ಪ್ರತಿವರ್ಷದಂತೆ ಈ ವರ್ಷವೂ ಕ್ರೀಡಾಕೂಟವನ್ನು ಆಯೋಜಿಸಲಾಗಿದ್ದು ರಾಜ್ಯದ ವಿವಿಧ ಮಹಾವಿದ್ಯಾಲಯಗಳಿಂದ ಸುಮಾರು 600 ಕ್ಕೂ ಹೆಚ್ಚು ಕ್ರೀಡಾಪಟುಗಳು ಭಾಗವಹಿಸಿದ್ದಾರೆ. ಗುಂಪು ಕ್ರೀಡೆಗಳು ಹಾಗೂ ವೈಯಕ್ತಿಕ ಕ್ರೀಡೆಗಳು ನಡೆಯಲಿವೆ. ವಿಜೇತರಿಗೆ ಬಹುಮಾನ ವಿತರಿಸಲಾಗುವುದು. ಕಾರ್ಯಕ್ರಮದಲ್ಲಿ ವಿಶ್ವವಿದ್ಯಾಲಯದ ಕುಲಸಚಿವರು, ಡೀನ್, ಪ್ರಾಧ್ಯಾಪಕರು ಹಾಗೂ ವಿದ್ಯಾರ್ಥಿಗಳು ಉಪಸ್ಥಿತರಿದ್ದರು. ಪ್ರೊ.ಕೆ.ಸಿ.ವೀರಣ್ಣ ಕುಲಪತಿಗಳು, ಕರ್ನಾಟಕ ಪಶುವೈದ್ಯಕೀಯ, ಪಶು ಹಾಗೂ ಮೀನುಗಾರಿಕೆ ವಿಜ್ಞಾನಗಳ ವಿಶ್ವವಿದ್ಯಾಲಯ, ಬೀದರ್ ಹಾಗೂ ಸದಸ್ಯರು ಉಪಸ್ಥಿತರಿದ್ದರು.

ಮಕ್ಕಳಿಗೆ ಓದಿನ ಜೊತೆಗೆ ಆಟ ಪಾಠಗಳು ಬಹಳ ಮುಖ್ಯವಾಗಿದ್ದು ಮಕ್ಕಳ ಮನೋವಿಕಾಸವನ್ನು ಹೆಚ್ಚಿಸುವಲ್ಲಿ ಕ್ರೀಡೆ ಪ್ರಮುಖ ಪಾತ್ರ ವಹಿಸುತ್ತದೆ ಎಂದು ಕರ್ನಾಟಕ ಪಶುವೈದ್ಯಕೀಯ, ಪಶು ಹಾಗೂ ಮೀನುಗಾರಿಕೆ ವಿಜ್ಞಾನಗಳ ವಿಶ್ವವಿದ್ಯಾಲಯದ ಕುಲಪತಿಗಳಾದ ಪ್ರೊ. ಕೆ.ಸಿ. ವೀರಣ್ಣ ಅವರು ತಿಳಿಸಿದರು. ಕರ್ನಾಟಕ ಪಶುವೈದ್ಯಕೀಯ, ಪಶು ಹಾಗೂ ಮೀನುಗಾರಿಕೆ ವಿಜ್ಞಾನಗಳ ವಿಶ್ವವಿದ್ಯಾಲಯ, ಬೀದರ್ ಹಾಗೂ ಪಶುವೈದ್ಯಕೀಯ ಮಹಾವಿದ್ಯಾಲಯ, ಹೆಬ್ಬಾಳ ಬೆಂಗಳೂರು ಇವರ ಸಂಯುಕ್ತಾಶ್ರಯದಲ್ಲಿ ನಡೆದ 19 ನೇ ಅಂತರ ಮಹಾವಿದ್ಯಾಲಯಗಳ ಕ್ರೀಡಾಕೂಟ 2025 ರ ಉದ್ಘಾಟನಾ ಸಮಾರಂಭದಲ್ಲಿ ಪಾಲ್ಗೊಂಡು ಮಾತನಾಡಿದರು. ವಿದ್ಯಾರ್ಥಿಗಳು ಓದಿನ ಜೊತೆಗೆ ಕ್ರೀಡೆಗೂ ಹೆಚ್ಚಿನ ಆದ್ಯತೆ ನೀಡಬೇಕು. ಕ್ರೀಡೆಯಿಂದ ದೈಹಿಕ ಹಾಗೂ ಮಾನಸಿಕ ಆರೋಗ್ಯ ವೃದ್ಧಿಯಾಗುತ್ತದೆ. ಸೋಲು ಗೆಲುವು ಮುಖ್ಯವಲ್ಲ, ಭಾಗವಹಿಸುವಿಕೆ ಮುಖ್ಯ ಎಂದರು. ಪ್ರತಿವರ್ಷದಂತೆ ಈ ವರ್ಷವೂ ಕ್ರೀಡಾಕೂಟವನ್ನು ಆಯೋಜಿಸಲಾಗಿದ್ದು ರಾಜ್ಯದ ವಿವಿಧ ಮಹಾವಿದ್ಯಾಲಯಗಳಿಂದ ಸುಮಾರು 600 ಕ್ಕೂ ಹೆಚ್ಚು ಕ್ರೀಡಾಪಟುಗಳು ಭಾಗವಹಿಸಿದ್ದಾರೆ. ಗುಂಪು ಕ್ರೀಡೆಗಳು ಹಾಗೂ ವೈಯಕ್ತಿಕ ಕ್ರೀಡೆಗಳು ನಡೆಯಲಿವೆ. ವಿಜೇತರಿಗೆ ಬಹುಮಾನ ವಿತರಿಸಲಾಗುವುದು. ಕಾರ್ಯಕ್ರಮದಲ್ಲಿ ವಿಶ್ವವಿದ್ಯಾಲಯದ ಕುಲಸಚಿವರು, ಡೀನ್, ಪ್ರಾಧ್ಯಾಪಕರು ಹಾಗೂ ವಿದ್ಯಾರ್ಥಿಗಳು ಉಪಸ್ಥಿತರಿದ್ದರು. ಪ್ರೊ.ಕೆ.ಸಿ.ವೀರಣ್ಣ ಕುಲಪತಿಗಳು, ಕರ್ನಾಟಕ ಪಶುವೈದ್ಯಕೀಯ, ಪಶು ಹಾಗೂ ಮೀನುಗಾರಿಕೆ ವಿಜ್ಞಾನಗಳ ವಿಶ್ವವಿದ್ಯಾಲಯ, ಬೀದರ್ ಹಾಗೂ ಸದಸ್ಯರು ಉಪಸ್ಥಿತರಿದ್ದರು.

ವಿಶೇಷಚೇತನ ವಿದ್ಯಾರ್ಥಿ ಮೇಲೆ
ಶಿಕ್ಷಕನಿಂದ ಲೈಂಗಿಕ ದೌರ್ಜನ್ಯ

ಚಾಮರಾಜನಗರ: ವಿಶೇಷಚೇತನ ವಿದ್ಯಾರ್ಥಿನಿ ಮೇಲೆ ಶಿಕ್ಷಕನೇ ಲೈಂಗಿಕ ದೌರ್ಜನ್ಯ ಎಸಗಿರುವ ಆರೋಪ ಕೇಳಿ ಬಂದಿದ್ದು, 13 ವರ್ಷಗಳ ಬಳಿಕ ಈ ಕೃತ್ಯ ಬೆಳಕಿಗೆ ಬಂದಿದೆ. ಸಂತ್ರಸ್ತ ಕುಟುಂಬದವರು ಪೊಲೀಸರಿಗೆ ದೂರು ನೀಡಿದ್ದು ಆರೋಪಿ ಶಿಕ್ಷಕನ ವಿರುದ್ಧ ಪ್ರಕರಣ ದಾಖಲಾಗಿದೆ. ಸಂತ್ರಸ್ತೆ ಈಗ ಪ್ರಾಪ್ತ ವಯಸ್ಕಳಾಗಿದ್ದು ಘಟನೆ ನಡೆದ ವೇಳೆ ಶಾಲೆಯಲ್ಲಿ ವ್ಯಾಸಂಗ ಮಾಡುತ್ತಿದ್ದಳು. 2012-2013 ನೇ ಸಾಲಿನಲ್ಲಿ ಸಂತ್ರಸ್ತೆ ಶಾಲೆಯಲ್ಲಿ ಓದುತ್ತಿದ್ದಾಗ ಶಿಕ್ಷಕ ಲೈಂಗಿಕ ದೌರ್ಜನ್ಯ ಎಸಗಿದ್ದ ಎಂದು ಆರೋಪಿಸಲಾಗಿದೆ. ಬಳಿಕ ಹಲವು ವರ್ಷಗಳಿಂದ ಈ ವಿಚಾರ ಯಾರಿಗೂ ತಿಳಿಸದೆ ಮಾನಸಿಕ ಹಿಂಸೆ ಅನುಭವಿಸಿದ್ದಳು. ಇತ್ತೀಚೆಗೆ ಆಪ್ತ ಸಮಾಲೋಚನೆ ವೇಳೆ ವಿಷಯ ಬಹಿರಂಗಪಡಿಸಿದ್ದಾಳೆ. ಪೋಕ್ಸೋ ಕಾಯ್ದೆಯಡಿ ಪ್ರಕರಣ ದಾಖಲಿಸಿಕೊಂಡಿರುವ ಪೊಲೀಸರು ತನಿಖೆ ಕೈಗೊಂಡಿದ್ದಾರೆ. ಆರೋಪಿಯನ್ನು ವಶಕ್ಕೆ ಪಡೆದು ವಿಚಾರಣೆ ನಡೆಸಲಾಗುತ್ತಿದೆ ಎಂದು ಪೊಲೀಸ್ ಮೂಲಗಳು ತಿಳಿಸಿವೆ. ಪ್ರಕರಣ ನ್ಯಾಯಾಲಯದ ವಿಚಾರಣೆಗೆ ಹಸ್ತಾಂತರಗೊಂಡಿದೆ.
